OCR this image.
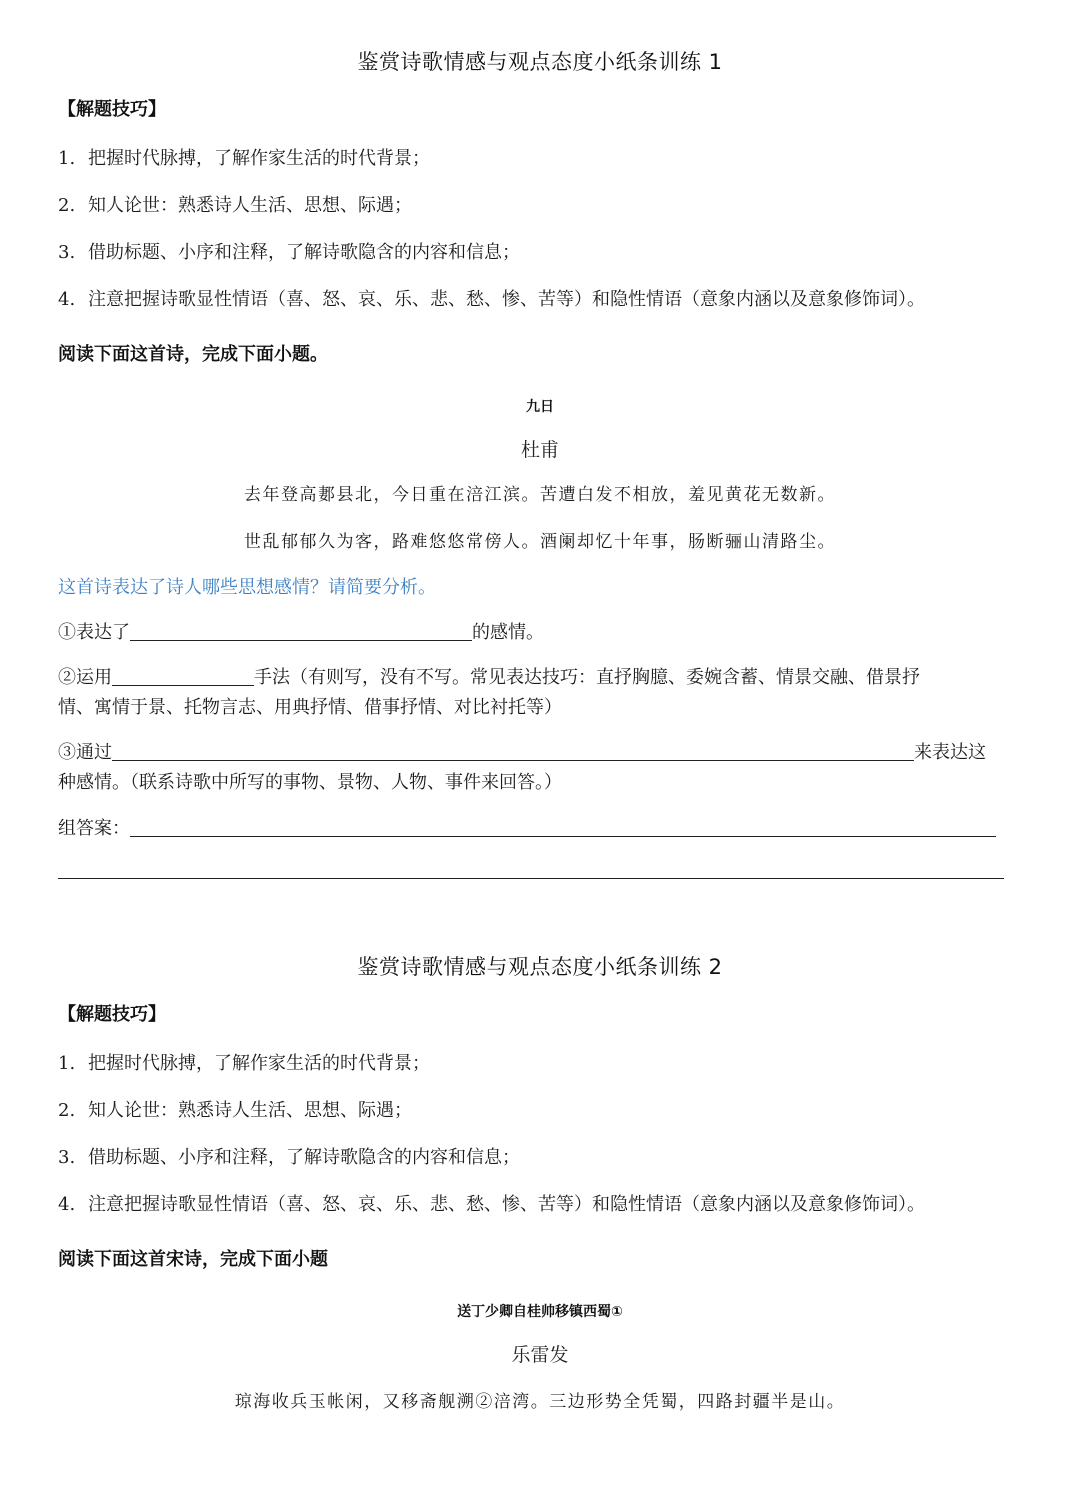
鉴赏诗歌情感与观点态度小纸条训练 1
【解题技巧】
1. 把握时代脉搏，了解作家生活的时代背景；
2. 知人论世：熟悉诗人生活、思想、际遇；
3. 借助标题、小序和注释，了解诗歌隐含的内容和信息；
4. 注意把握诗歌显性情语（喜、怒、哀、乐、悲、愁、惨、苦等）和隐性情语（意象内涵以及意象修饰词）。
阅读下面这首诗，完成下面小题。
九日
杜甫
去年登高郪县北，今日重在涪江滨。苦遭白发不相放，羞见黄花无数新。
世乱郁郁久为客，路难悠悠常傍人。酒阑却忆十年事，肠断骊山清路尘。
这首诗表达了诗人哪些思想感情？请简要分析。
①表达了	的感情。
②运用	手法（有则写，没有不写。常见表达技巧：直抒胸臆、委婉含蓄、情景交融、借景抒
情、寓情于景、托物言志、用典抒情、借事抒情、对比衬托等）
③通过	来表达这
种感情。（联系诗歌中所写的事物、景物、人物、事件来回答。）
组答案：
鉴赏诗歌情感与观点态度小纸条训练 2
【解题技巧】
1. 把握时代脉搏，了解作家生活的时代背景；
2. 知人论世：熟悉诗人生活、思想、际遇；
3. 借助标题、小序和注释，了解诗歌隐含的内容和信息；
4. 注意把握诗歌显性情语（喜、怒、哀、乐、悲、愁、惨、苦等）和隐性情语（意象内涵以及意象修饰词）。
阅读下面这首宋诗，完成下面小题
送丁少卿自桂帅移镇西蜀①
乐雷发
琼海收兵玉帐闲，又移斋舰溯②涪湾。三边形势全凭蜀，四路封疆半是山。
